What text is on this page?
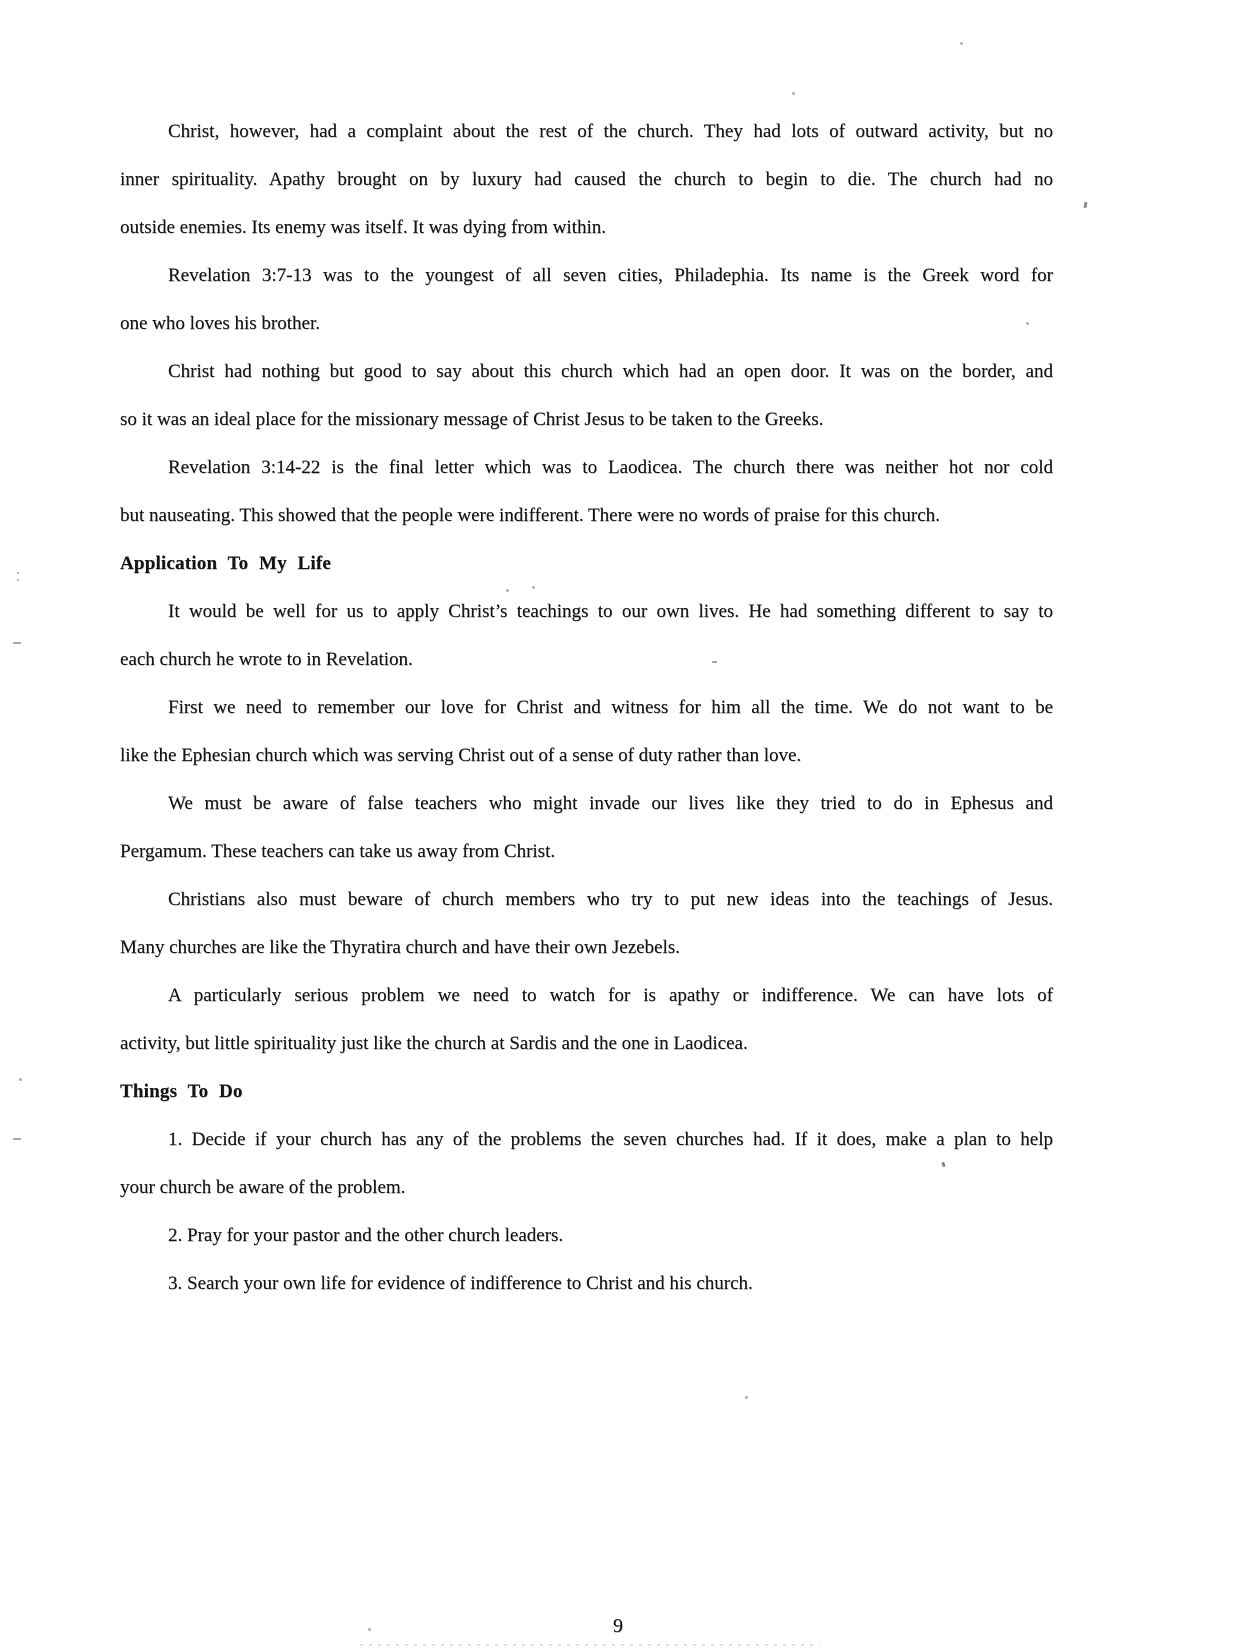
Christ, however, had a complaint about the rest of the church. They had lots of outward activity, but no
inner spirituality. Apathy brought on by luxury had caused the church to begin to die. The church had no
outside enemies. Its enemy was itself. It was dying from within.
Revelation 3:7-13 was to the youngest of all seven cities, Philadephia. Its name is the Greek word for
one who loves his brother.
Christ had nothing but good to say about this church which had an open door. It was on the border, and
so it was an ideal place for the missionary message of Christ Jesus to be taken to the Greeks.
Revelation 3:14-22 is the final letter which was to Laodicea. The church there was neither hot nor cold
but nauseating. This showed that the people were indifferent. There were no words of praise for this church.
Application To My Life
It would be well for us to apply Christ’s teachings to our own lives. He had something different to say to
each church he wrote to in Revelation.
First we need to remember our love for Christ and witness for him all the time. We do not want to be
like the Ephesian church which was serving Christ out of a sense of duty rather than love.
We must be aware of false teachers who might invade our lives like they tried to do in Ephesus and
Pergamum. These teachers can take us away from Christ.
Christians also must beware of church members who try to put new ideas into the teachings of Jesus.
Many churches are like the Thyratira church and have their own Jezebels.
A particularly serious problem we need to watch for is apathy or indifference. We can have lots of
activity, but little spirituality just like the church at Sardis and the one in Laodicea.
Things To Do
1. Decide if your church has any of the problems the seven churches had. If it does, make a plan to help
your church be aware of the problem.
2. Pray for your pastor and the other church leaders.
3. Search your own life for evidence of indifference to Christ and his church.
9
